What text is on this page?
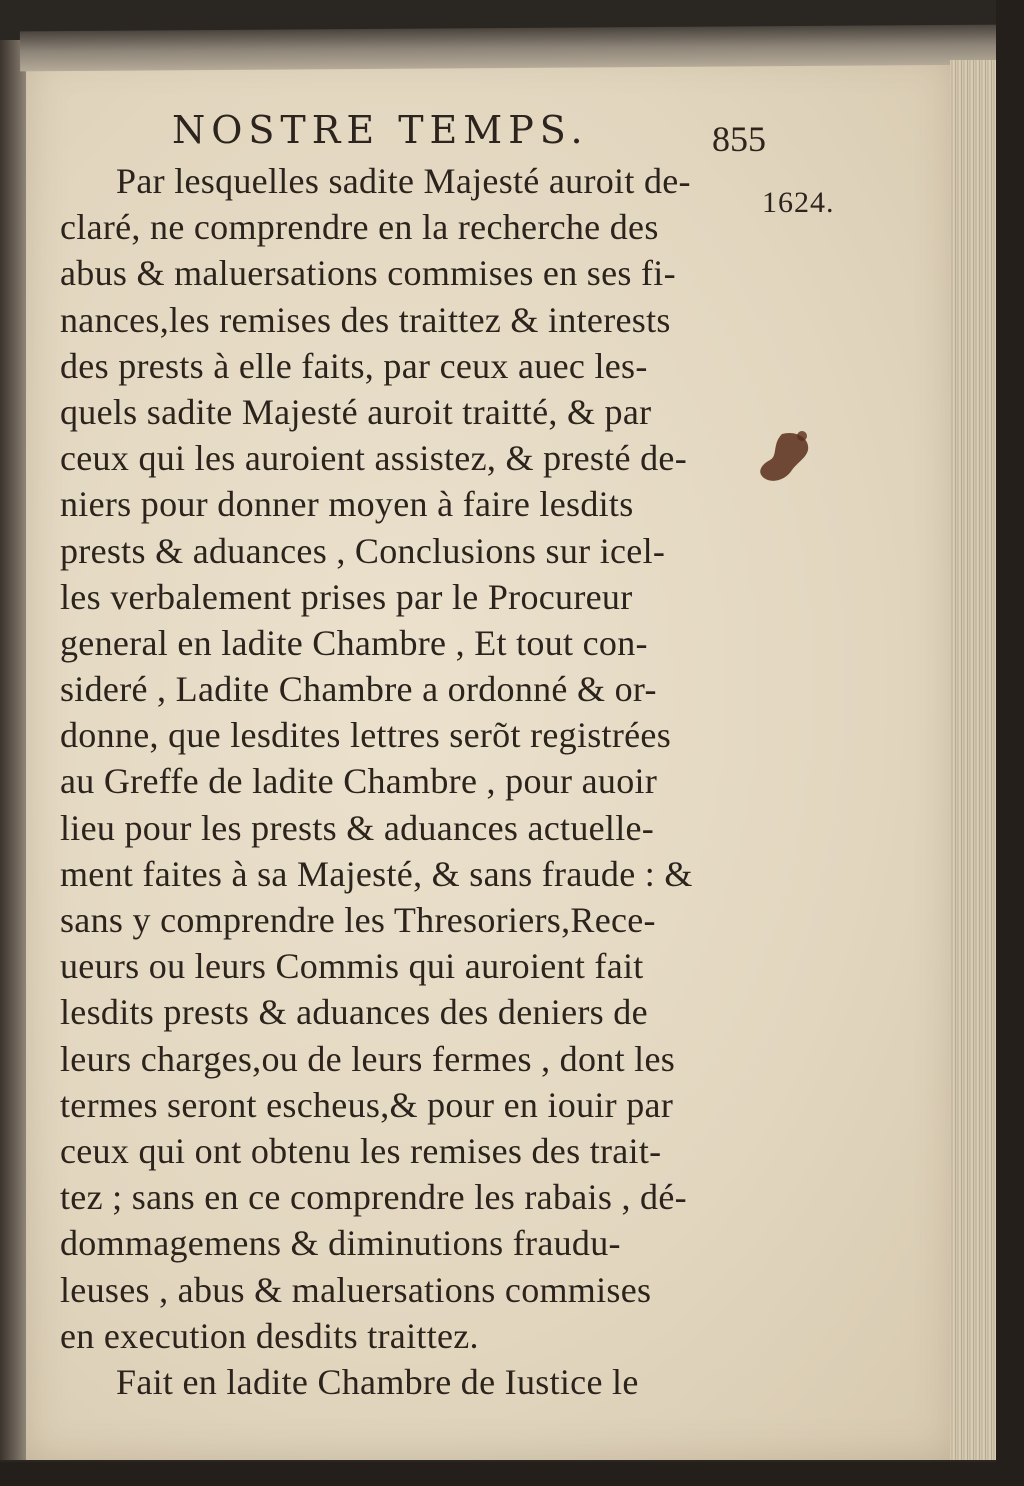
NOSTRE TEMPS.	855
1624.
Par lesquelles sadite Majesté auroit de-
claré, ne comprendre en la recherche des
abus & maluersations commises en ses fi-
nances,les remises des traittez & interests
des prests à elle faits, par ceux auec les-
quels sadite Majesté auroit traitté, & par
ceux qui les auroient assistez, & presté de-
niers pour donner moyen à faire lesdits
prests & aduances , Conclusions sur icel-
les verbalement prises par le Procureur
general en ladite Chambre , Et tout con-
sideré , Ladite Chambre a ordonné & or-
donne, que lesdites lettres serõt registrées
au Greffe de ladite Chambre , pour auoir
lieu pour les prests & aduances actuelle-
ment faites à sa Majesté, & sans fraude : &
sans y comprendre les Thresoriers,Rece-
ueurs ou leurs Commis qui auroient fait
lesdits prests & aduances des deniers de
leurs charges,ou de leurs fermes , dont les
termes seront escheus,& pour en iouir par
ceux qui ont obtenu les remises des trait-
tez ; sans en ce comprendre les rabais , dé-
dommagemens & diminutions fraudu-
leuses , abus & maluersations commises
en execution desdits traittez.
Fait en ladite Chambre de Iustice le
